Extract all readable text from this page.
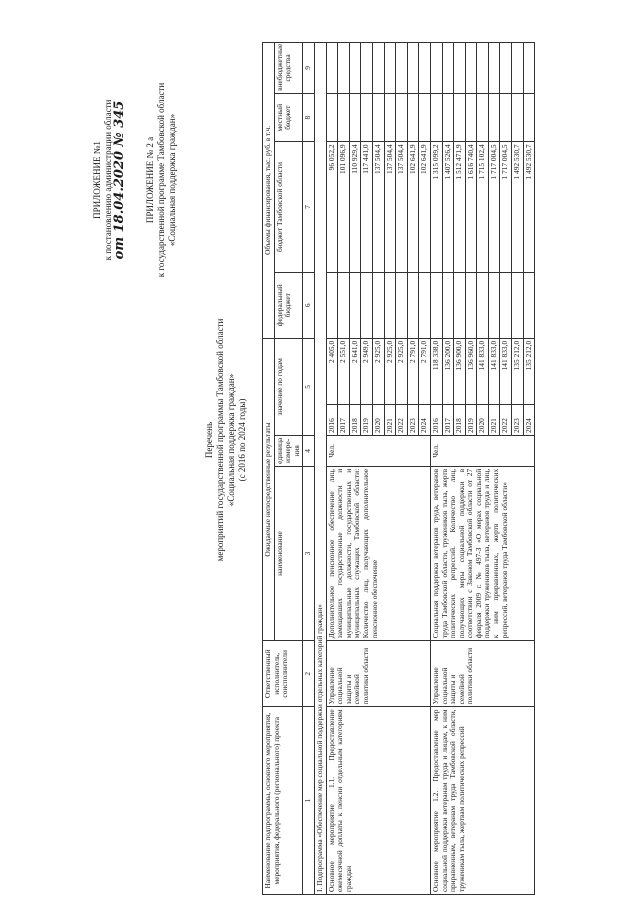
ПРИЛОЖЕНИЕ №1 к постановлению администрации области от 18.04.2020 № 345 ПРИЛОЖЕНИЕ № 2 а к государственной программе Тамбовской области «Социальная поддержка граждан»
Перечень мероприятий государственной программы Тамбовской области «Социальная поддержка граждан» (с 2016 по 2024 годы)
Наименование подпрограммы, основного мероприятия, мероприятия, федерального (регионального) проекта	Ответственный исполнитель, соисполнители	Ожидаемые непосредственные результаты				Объемы финансирования, тыс. руб. в т.ч.			
		наименование	единица измере-ния	значение по годам		федеральный бюджет	бюджет Тамбовской области	местный бюджет	внебюджетные средства
1	2	3	4	5		6	7	8	9
I. Подпрограмма «Обеспечение мер социальной поддержки отдельных категорий граждан»									
Основное мероприятие 1.1. Предоставление ежемесячной доплаты к пенсии отдельным категориям граждан	Управление социальной защиты и семейной политики области	Дополнительное пенсионное обеспечение лиц, замещавших государственные должности и муниципальные должности, государственных и муниципальных служащих Тамбовской области: Количество лиц, получающих дополнительное пенсионное обеспечение	Чел.	2016	2 405,0		96 052,2		
				2017	2 551,0		101 096,9		
				2018	2 641,0		110 929,4		
				2019	2 949,0		117 441,0		
				2020	2 925,0		137 504,4		
				2021	2 925,0		137 504,4		
				2022	2 925,0		137 504,4		
				2023	2 791,0		102 641,9		
				2024	2 791,0		102 641,9		
Основное мероприятие 1.2. Предоставление мер социальной поддержки ветеранам труда и лицам, к ним приравненным, ветеранам труда Тамбовской области, труженикам тыла, жертвам политических репрессий	Управление социальной защиты и семейной политики области	Социальная поддержка ветеранов труда, ветеранов труда Тамбовской области, тружеников тыла, жертв политических репрессий. Количество лиц, получающих меры социальной поддержки в соответствии с Законом Тамбовской области от 27 февраля 2009 г. № 497-З «О мерах социальной поддержки тружеников тыла, ветеранов труда и лиц, к ним приравненных, жертв политических репрессий, ветеранов труда Тамбовской области»	Чел.	2016	118 338,0		1 315 099,2		
				2017	136 200,0		1 407 526,4		
				2018	136 900,0		1 512 471,9		
				2019	136 960,0		1 616 740,4		
				2020	141 833,0		1 715 102,4		
				2021	141 833,0		1 717 004,5		
				2022	141 833,0		1 717 004,5		
				2023	135 212,0		1 492 530,7		
				2024	135 212,0		1 492 530,7		
